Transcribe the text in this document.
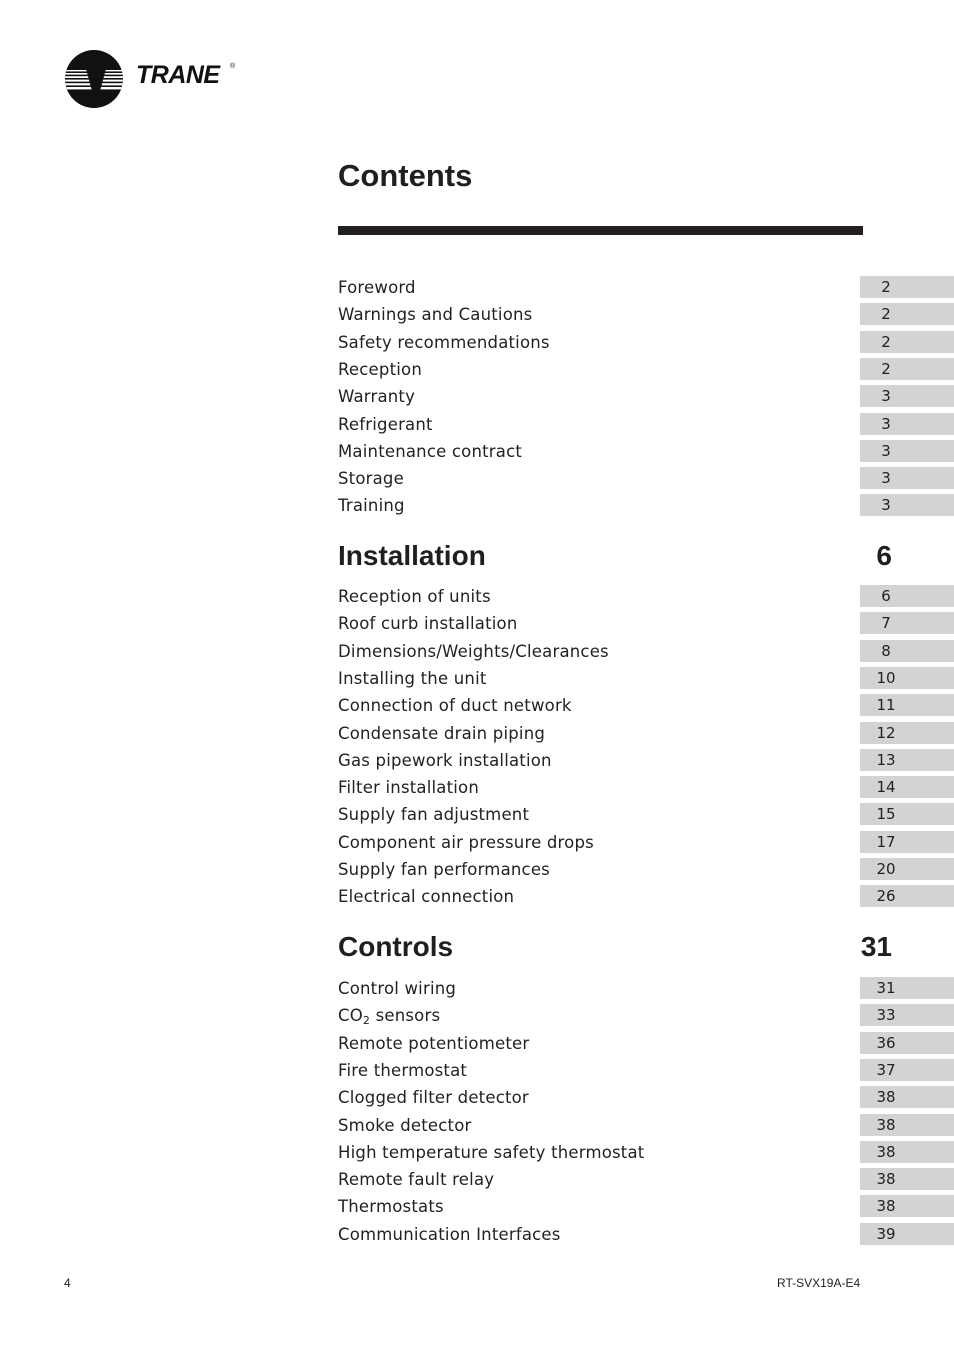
TRANE ®
Contents
Foreword	2
Warnings and Cautions	2
Safety recommendations	2
Reception	2
Warranty	3
Refrigerant	3
Maintenance contract	3
Storage	3
Training	3
Installation	6
Reception of units	6
Roof curb installation	7
Dimensions/Weights/Clearances	8
Installing the unit	10
Connection of duct network	11
Condensate drain piping	12
Gas pipework installation	13
Filter installation	14
Supply fan adjustment	15
Component air pressure drops	17
Supply fan performances	20
Electrical connection	26
Controls	31
Control wiring	31
$CO_2$ sensors	33
Remote potentiometer	36
Fire thermostat	37
Clogged filter detector	38
Smoke detector	38
High temperature safety thermostat	38
Remote fault relay	38
Thermostats	38
Communication Interfaces	39
4	RT-SVX19A-E4
